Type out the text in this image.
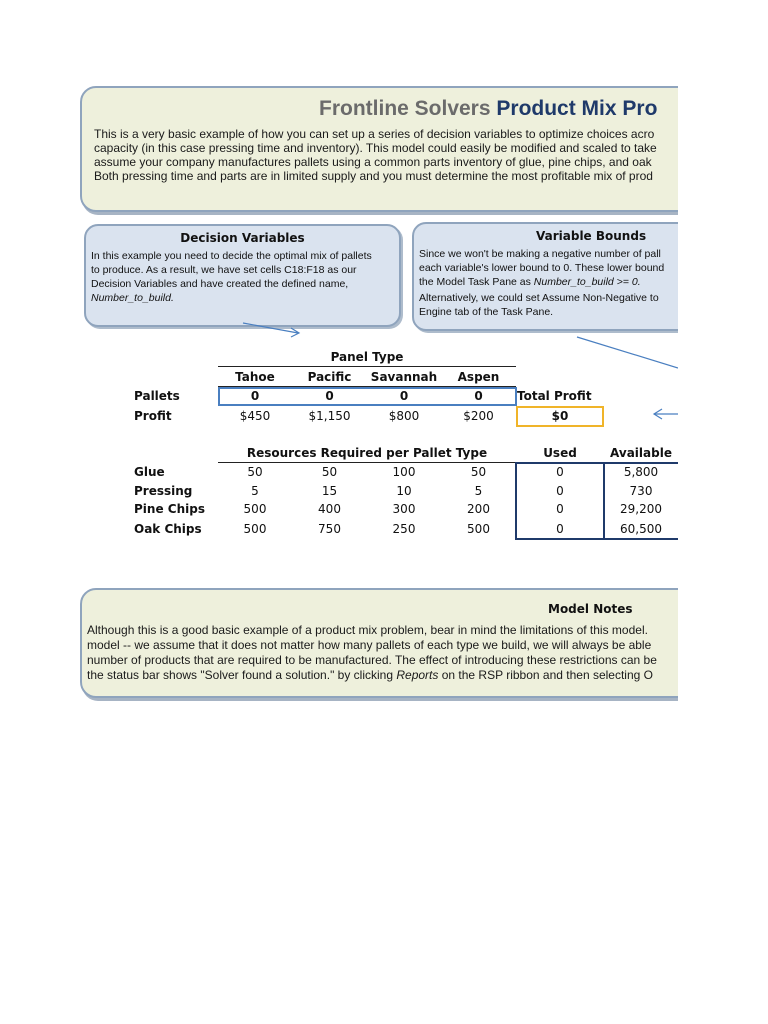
Frontline Solvers Product Mix Pro
This is a very basic example of how you can set up a series of decision variables to optimize choices acro
capacity (in this case pressing time and inventory). This model could easily be modified and scaled to take
assume your company manufactures pallets using a common parts inventory of glue, pine chips, and oak
Both pressing time and parts are in limited supply and you must determine the most profitable mix of prod
Decision Variables
In this example you need to decide the optimal mix of pallets
to produce. As a result, we have set cells C18:F18 as our
Decision Variables and have created the defined name,
Number_to_build.
Variable Bounds
Since we won't be making a negative number of pall
each variable's lower bound to 0. These lower bound
the Model Task Pane as Number_to_build >= 0.
Alternatively, we could set Assume Non-Negative to
Engine tab of the Task Pane.
Panel Type
Tahoe	Pacific	Savannah	Aspen
Pallets	0	0	0	0	Total Profit
Profit	$450	$1,150	$800	$200	$0
Resources Required per Pallet Type	Used	Available
Glue	50	50	100	50	0	5,800
Pressing	5	15	10	5	0	730
Pine Chips	500	400	300	200	0	29,200
Oak Chips	500	750	250	500	0	60,500
Model Notes
Although this is a good basic example of a product mix problem, bear in mind the limitations of this model.
model -- we assume that it does not matter how many pallets of each type we build, we will always be able
number of products that are required to be manufactured. The effect of introducing these restrictions can be
the status bar shows "Solver found a solution." by clicking Reports on the RSP ribbon and then selecting O
